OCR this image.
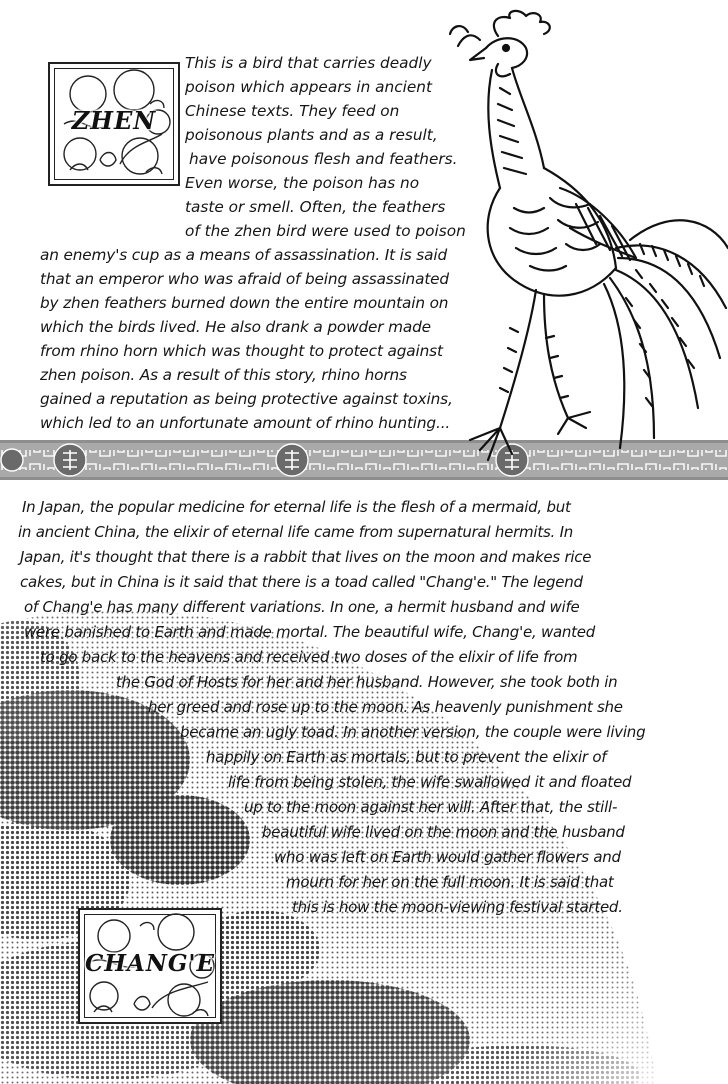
ZHEN
This is a bird that carries deadly
poison which appears in ancient
Chinese texts. They feed on
poisonous plants and as a result,
have poisonous flesh and feathers.
Even worse, the poison has no
taste or smell. Often, the feathers
of the zhen bird were used to poison
an enemy's cup as a means of assassination. It is said
that an emperor who was afraid of being assassinated
by zhen feathers burned down the entire mountain on
which the birds lived. He also drank a powder made
from rhino horn which was thought to protect against
zhen poison. As a result of this story, rhino horns
gained a reputation as being protective against toxins,
which led to an unfortunate amount of rhino hunting...
In Japan, the popular medicine for eternal life is the flesh of a mermaid, but
in ancient China, the elixir of eternal life came from supernatural hermits. In
Japan, it's thought that there is a rabbit that lives on the moon and makes rice
cakes, but in China is it said that there is a toad called "Chang'e." The legend
of Chang'e has many different variations. In one, a hermit husband and wife
were banished to Earth and made mortal. The beautiful wife, Chang'e, wanted
to go back to the heavens and received two doses of the elixir of life from
the God of Hosts for her and her husband. However, she took both in
her greed and rose up to the moon. As heavenly punishment she
became an ugly toad. In another version, the couple were living
happily on Earth as mortals, but to prevent the elixir of
life from being stolen, the wife swallowed it and floated
up to the moon against her will. After that, the still-
beautiful wife lived on the moon and the husband
who was left on Earth would gather flowers and
mourn for her on the full moon. It is said that
this is how the moon-viewing festival started.
CHANG'E
